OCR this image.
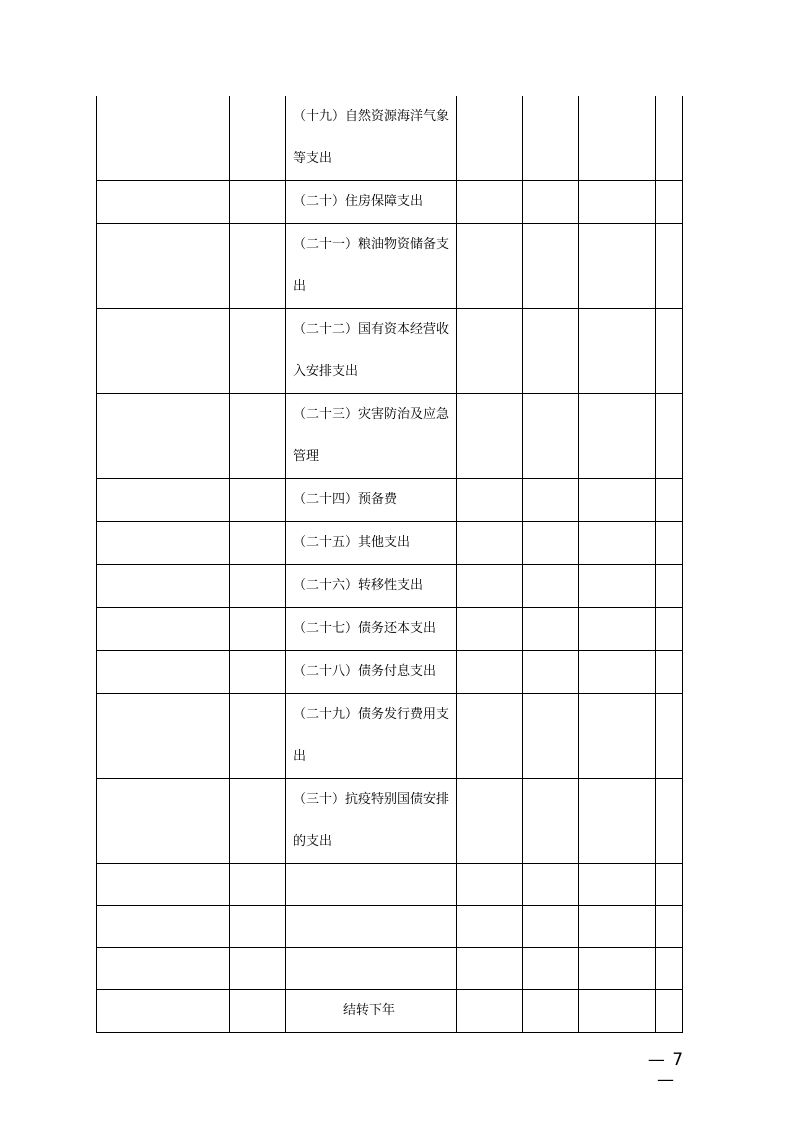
		（十九）自然资源海洋气象
等支出				

		（二十）住房保障支出				

		（二十一）粮油物资储备支
出				

		（二十二）国有资本经营收
入安排支出				

		（二十三）灾害防治及应急
管理				

		（二十四）预备费				

		（二十五）其他支出				

		（二十六）转移性支出				

		（二十七）债务还本支出				

		（二十八）债务付息支出				

		（二十九）债务发行费用支
出				

		（三十）抗疫特别国债安排
的支出				

		结转下年				

— 7 —
